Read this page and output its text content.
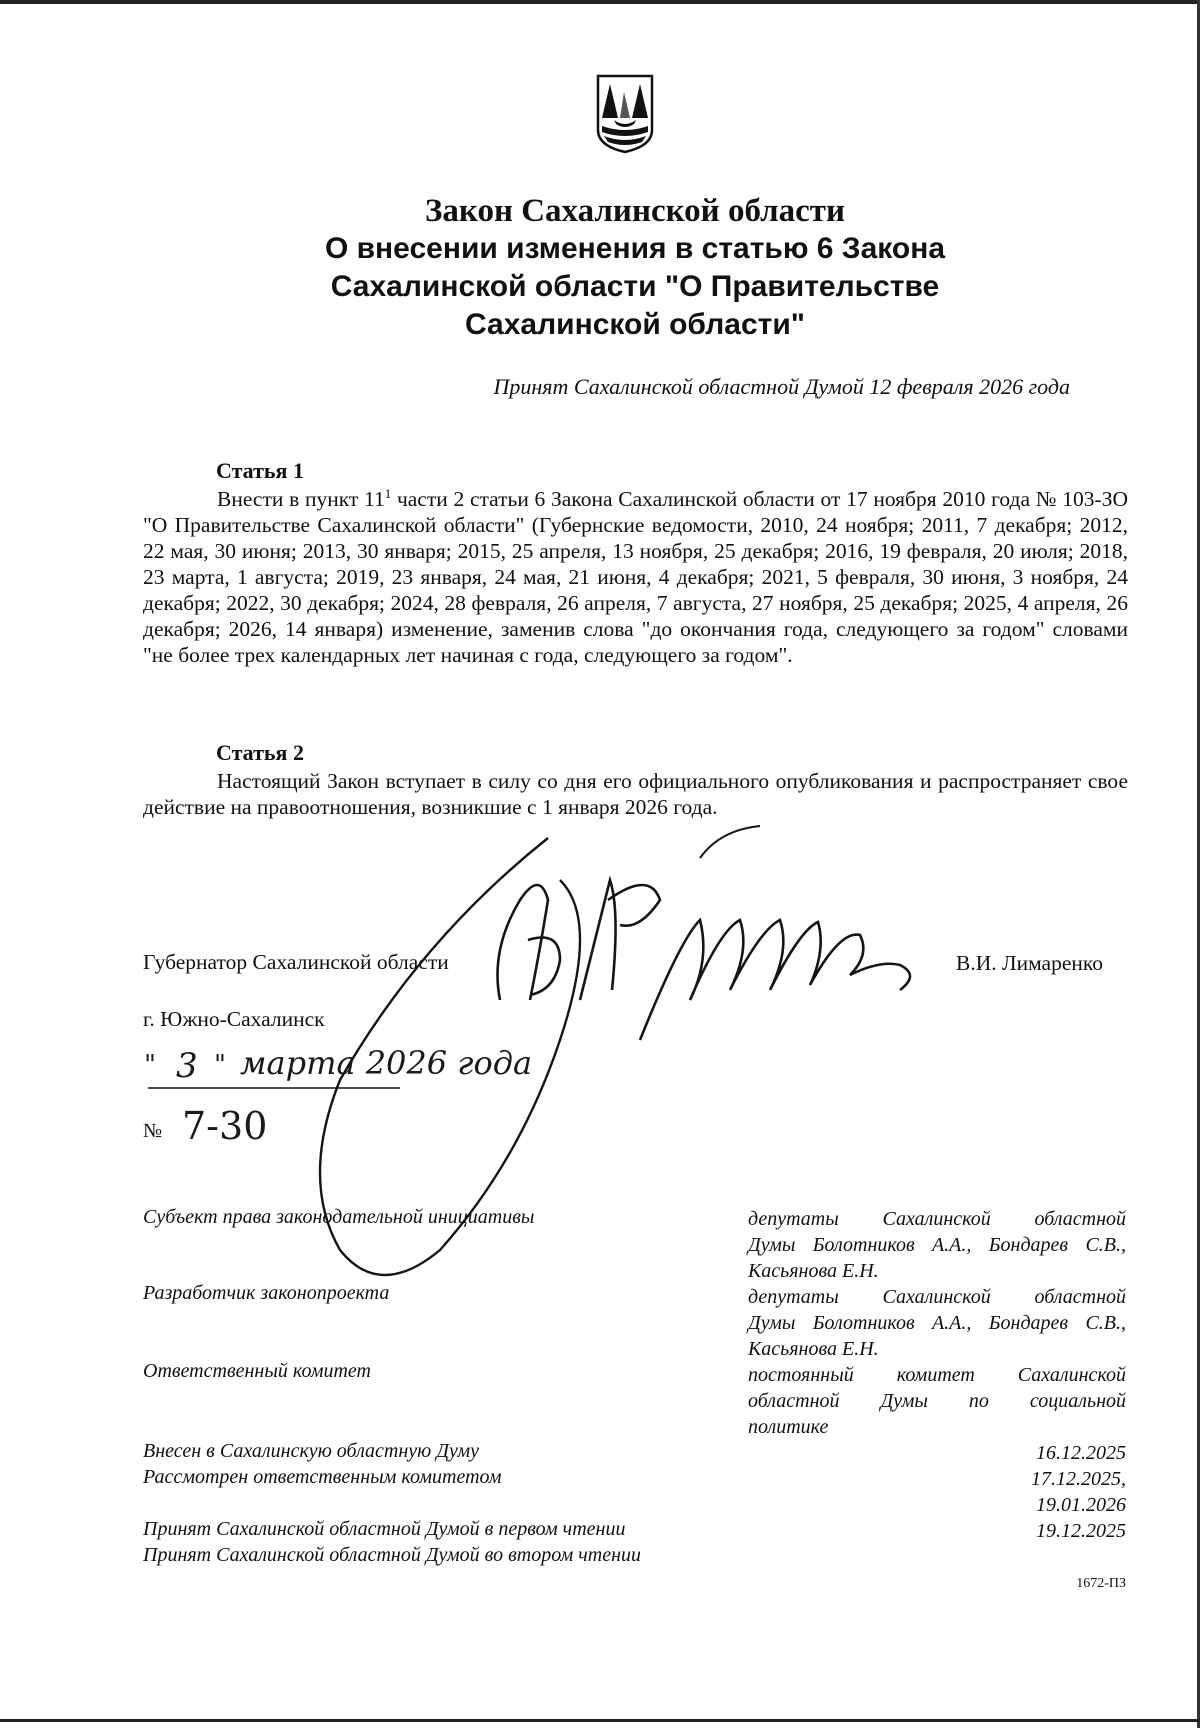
Закон Сахалинской области
О внесении изменения в статью 6 Закона
Сахалинской области "О Правительстве
Сахалинской области"
Принят Сахалинской областной Думой 12 февраля 2026 года
Статья 1
Внести в пункт $11^1$ части 2 статьи 6 Закона Сахалинской области от 17 ноября 2010 года № 103-ЗО "О Правительстве Сахалинской области" (Губернские ведомости, 2010, 24 ноября; 2011, 7 декабря; 2012, 22 мая, 30 июня; 2013, 30 января; 2015, 25 апреля, 13 ноября, 25 декабря; 2016, 19 февраля, 20 июля; 2018, 23 марта, 1 августа; 2019, 23 января, 24 мая, 21 июня, 4 декабря; 2021, 5 февраля, 30 июня, 3 ноября, 24 декабря; 2022, 30 декабря; 2024, 28 февраля, 26 апреля, 7 августа, 27 ноября, 25 декабря; 2025, 4 апреля, 26 декабря; 2026, 14 января) изменение, заменив слова "до окончания года, следующего за годом" словами "не более трех календарных лет начиная с года, следующего за годом".
Статья 2
Настоящий Закон вступает в силу со дня его официального опубликования и распространяет свое действие на правоотношения, возникшие с 1 января 2026 года.
Губернатор Сахалинской области	В.И. Лимаренко
г. Южно-Сахалинск
" 3 " марта 2026 года
№ 7-30
Субъект права законодательной инициативы	депутаты Сахалинской областной
Думы Болотников А.А., Бондарев С.В.,
Касьянова Е.Н.
Разработчик законопроекта	депутаты Сахалинской областной
Думы Болотников А.А., Бондарев С.В.,
Касьянова Е.Н.
Ответственный комитет	постоянный комитет Сахалинской
областной Думы по социальной
политике
Внесен в Сахалинскую областную Думу	16.12.2025
Рассмотрен ответственным комитетом	17.12.2025,
19.01.2026
Принят Сахалинской областной Думой в первом чтении	19.12.2025
Принят Сахалинской областной Думой во втором чтении
1672-ПЗ
